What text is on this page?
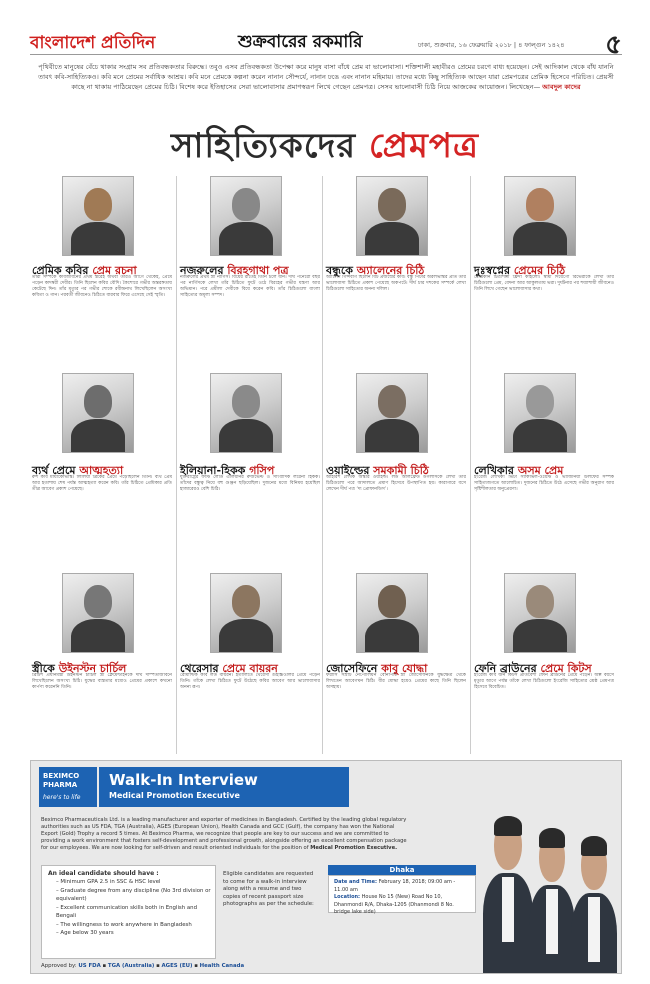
বাংলাদেশ প্রতিদিন	শুক্রবারের রকমারি	ঢাকা, শুক্রবার, ১৬ ফেব্রুয়ারি ২০১৮ | ৪ ফাল্গুন ১৪২৪ ৫
পৃথিবীতে মানুষের বেঁচে থাকার সংগ্রাম সব প্রতিবন্ধকতার বিরুদ্ধে। তবুও এসব প্রতিবন্ধকতা উপেক্ষা করে মানুষ বাসা বাঁধে প্রেম বা ভালোবাসা। শক্তিশালী মহাবীরও প্রেমের চরণে বাধ্য হয়েছেন। সেই আদিকাল থেকে বাঁধ যাননি তাবৎ কবি-সাহিত্যিকও। কবি মনে প্রেমের সর্বাধিক আশ্রয়। কবি মনে প্রেমকে কল্পনা করেন নানান সৌন্দর্যে, নানান ঢঙে এবং নানান মহিমায়। তাদের মধ্যে কিছু সাহিত্যিক আছেন যারা প্রেমপত্রের প্রেমিক হিসেবে পরিচিত। প্রেয়সী কাছে না থাকায় পাঠিয়েছেন প্রেমের চিঠি। বিশেষ করে ইতিহাসের সেরা ভালোবাসার প্রমাণস্বরূপ লিখে গেছেন প্রেমপত্র। সেসব ভালোবাসী চিঠি নিয়ে আজকের আয়োজন। লিখেছেন— আবদুল কাদের
সাহিত্যিকদের প্রেমপত্র
প্রেমিক কবির প্রেম রচনা
তাঁরা সম্পর্কে কবিজীবনের প্রথম স্তরেই অথবা তারও আগে থেকেই, প্রেমে পড়েন কাদম্বরী দেবীর। তিনি ছিলেন কবির বৌদি। কৈশোরে গভীর অন্তরঙ্গতায় কেটেছে দিন। তাঁর মৃত্যুর পর গভীর শোকে রবীন্দ্রনাথ লিখেছিলেন অসংখ্য কবিতা ও গান। পরবর্তী জীবনেও চিঠিতে বারবার ফিরে এসেছে সেই স্মৃতি।
নজরুলের বিরহগাথা পত্র
নজরুলের প্রথম স্ত্রী নার্গিস। বিয়ের রাতেই তিনি চলে যান। দীর্ঘ পনেরো বছর পর নার্গিসকে লেখা তাঁর চিঠিতে ফুটে ওঠে বিরহের গভীর যন্ত্রণা আর অভিমান। পরে প্রমীলা দেবীকে বিয়ে করেন কবি। তাঁর চিঠিগুলো বাংলা সাহিত্যের অমূল্য সম্পদ।
বন্ধুকে অ্যালেনের চিঠি
অ্যালেন গিন্সবার্গ ছিলেন বিট প্রজন্মের কবি। বন্ধু পিটার অরলভস্কির প্রতি তাঁর ভালোবাসা চিঠিতে প্রকাশ পেয়েছে অকপটে। দীর্ঘ চার দশকের সম্পর্কে লেখা চিঠিগুলো সাহিত্যের অনন্য দলিল।
দুঃস্বপ্নের প্রেমের চিঠি
মেক্সিকান চিত্রশিল্পী ফ্রিদা কাহলো। স্বামী দিয়েগো রিভেরাকে লেখা তাঁর চিঠিগুলো প্রেম, বেদনা আর আকুলতায় ভরা। দুর্ঘটনার পর শয্যাশায়ী জীবনেও তিনি লিখে গেছেন ভালোবাসার কথা।
ব্যর্থ প্রেমে আত্মহত্যা
রুশ কবি মায়াকোভস্কি। লিলিয়া ব্রিকের প্রেমে পড়েছিলেন তিনি। ব্যর্থ প্রেম আর হতাশায় শেষ পর্যন্ত আত্মহত্যা করেন কবি। তাঁর চিঠিতে প্রেমিকার প্রতি তীব্র আবেগ প্রকাশ পেয়েছে।
ইলিয়ানা-হিকক গসিপ
যুক্তরাষ্ট্রের ফার্স্ট লেডি এলিয়ানর রুজভেল্ট ও সাংবাদিক লরেনা হিকক। তাঁদের বন্ধুত্ব নিয়ে বহু গুঞ্জন ছড়িয়েছিল। দুজনের মধ্যে বিনিময় হয়েছিল হাজারেরও বেশি চিঠি।
ওয়াইল্ডের সমকামী চিঠি
আইরিশ লেখক অস্কার ওয়াইল্ড। লর্ড আলফ্রেড ডগলাসকে লেখা তাঁর চিঠিগুলো পরে আদালতে প্রমাণ হিসেবে উপস্থাপিত হয়। কারাগারে বসে লেখেন দীর্ঘ পত্র ‘দ্য প্রোফানডিস’।
লেখিকার অসম প্রেম
ইংরেজ লেখিকা ভিটা স্যাকভিল-ওয়েস্ট ও ভার্জিনিয়া উলফের সম্পর্ক সাহিত্যজগতে আলোচিত। দুজনের চিঠিতে উঠে এসেছে গভীর অনুরাগ আর সৃষ্টিশীলতার অনুপ্রেরণা।
স্ত্রীকে উইনস্টন চার্চিল
ব্রিটিশ প্রধানমন্ত্রী উইনস্টন চার্চিল স্ত্রী ক্লেমেন্টাইনকে দীর্ঘ দাম্পত্যজীবনে লিখেছিলেন অসংখ্য চিঠি। যুদ্ধের ব্যস্ততার মধ্যেও প্রেমের প্রকাশে কখনো কার্পণ্য করেননি তিনি।
থেরেসার প্রেমে বায়রন
রোমান্টিক কবি লর্ড বায়রন। ইতালিতে থেরেসা গুইচ্চিওলির প্রেমে পড়েন তিনি। তাঁকে লেখা চিঠিতে ফুটে উঠেছে কবির আবেগ আর ভালোবাসার অনন্য রূপ।
জোসেফিনে কাবু যোদ্ধা
ফরাসি সম্রাট নেপোলিয়ন বোনাপার্ট স্ত্রী জোসেফিনকে যুদ্ধক্ষেত্র থেকে লিখতেন আবেগঘন চিঠি। বীর যোদ্ধা হয়েও প্রেমের কাছে তিনি ছিলেন অসহায়।
ফেনি ব্রাউনের প্রেমে কিটস
ইংরেজ কবি জন কিটস প্রতিবেশী ফেনি ব্রাউনের প্রেমে পড়েন। অল্প বয়সে মৃত্যুর আগে পর্যন্ত তাঁকে লেখা চিঠিগুলো ইংরেজি সাহিত্যের শ্রেষ্ঠ প্রেমপত্র হিসেবে বিবেচিত।
BEXIMCO
PHARMA
here's to life
Walk-In Interview
Medical Promotion Executive
Beximco Pharmaceuticals Ltd. is a leading manufacturer and exporter of medicines in Bangladesh. Certified by the leading global regulatory authorities such as US FDA, TGA (Australia), AGES (European Union), Health Canada and GCC (Gulf), the company has won the National Export (Gold) Trophy a record 5 times. At Beximco Pharma, we recognize that people are key to our success and we are committed to providing a work environment that fosters self-development and professional growth, alongside offering an excellent compensation package for our employees. We are now looking for self-driven and result oriented individuals for the position of Medical Promotion Executive.
An ideal candidate should have :
– Minimum GPA 2.5 in SSC & HSC level
– Graduate degree from any discipline (No 3rd division or equivalent)
– Excellent communication skills both in English and Bengali
– The willingness to work anywhere in Bangladesh
– Age below 30 years
Eligible candidates are requested to come for a walk-in interview along with a resume and two copies of recent passport size photographs as per the schedule:
Dhaka
Date and Time: February 18, 2018; 09:00 am - 11.00 am
Location: House No 15 (New) Road No 10, Dhanmondi R/A, Dhaka-1205 (Dhanmondi 8 No. bridge lake side)
Approved by: US FDA ▪ TGA (Australia) ▪ AGES (EU) ▪ Health Canada
